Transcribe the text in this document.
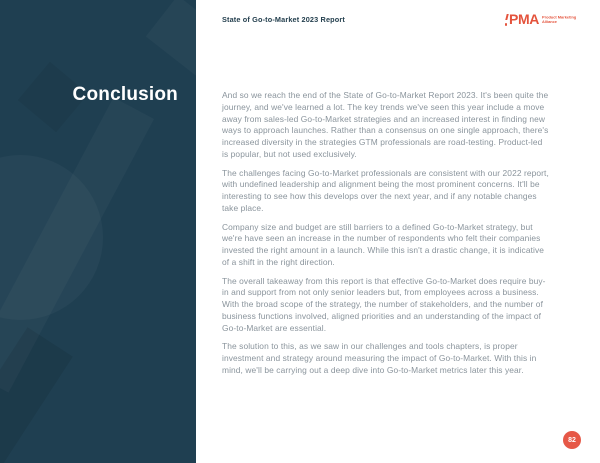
Conclusion
State of Go-to-Market 2023 Report	PMA Product Marketing
Alliance

And so we reach the end of the State of Go-to-Market Report 2023. It's been quite the journey, and we've learned a lot. The key trends we've seen this year include a move away from sales-led Go-to-Market strategies and an increased interest in finding new ways to approach launches. Rather than a consensus on one single approach, there's increased diversity in the strategies GTM professionals are road-testing. Product-led is popular, but not used exclusively.

The challenges facing Go-to-Market professionals are consistent with our 2022 report, with undefined leadership and alignment being the most prominent concerns. It'll be interesting to see how this develops over the next year, and if any notable changes take place.

Company size and budget are still barriers to a defined Go-to-Market strategy, but we're have seen an increase in the number of respondents who felt their companies invested the right amount in a launch. While this isn't a drastic change, it is indicative of a shift in the right direction.

The overall takeaway from this report is that effective Go-to-Market does require buy-in and support from not only senior leaders but, from employees across a business. With the broad scope of the strategy, the number of stakeholders, and the number of business functions involved, aligned priorities and an understanding of the impact of Go-to-Market are essential.

The solution to this, as we saw in our challenges and tools chapters, is proper investment and strategy around measuring the impact of Go-to-Market. With this in mind, we'll be carrying out a deep dive into Go-to-Market metrics later this year.

82
